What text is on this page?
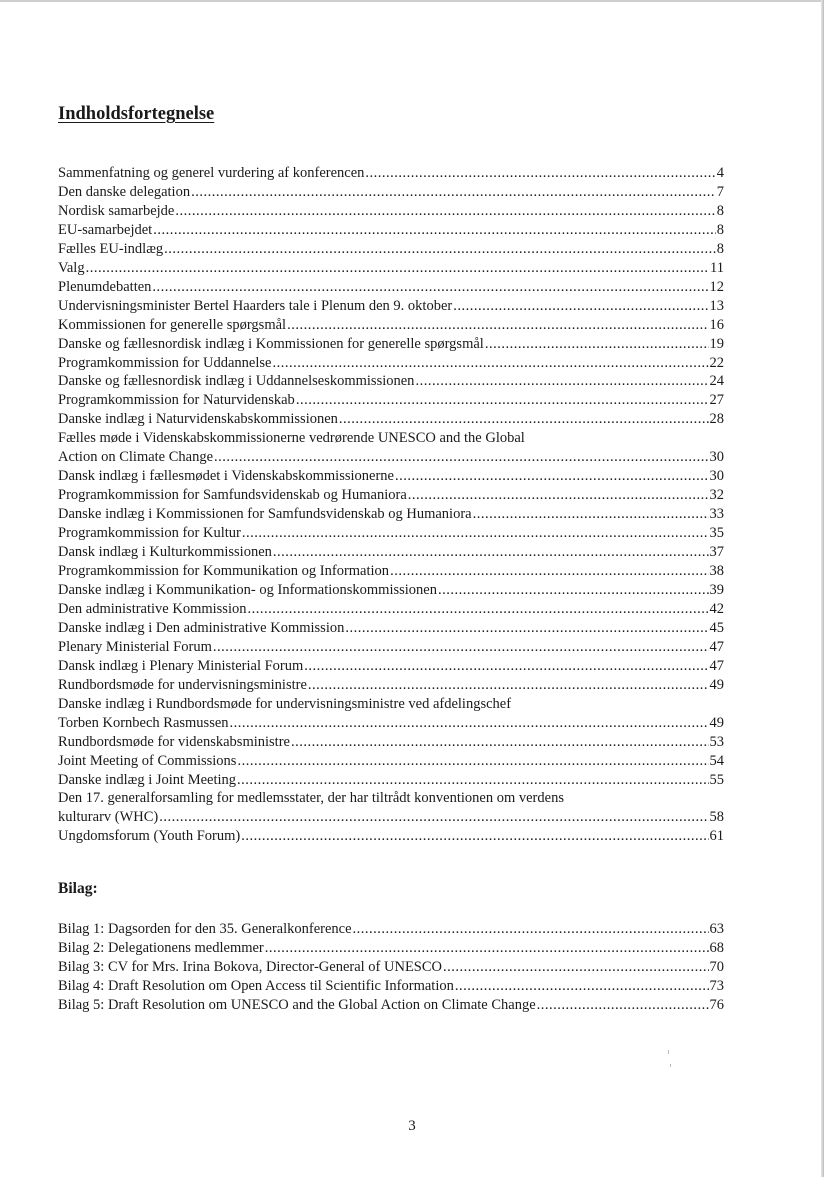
Indholdsfortegnelse
Sammenfatning og generel vurdering af konferencen .....	4
Den danske delegation .....	7
Nordisk samarbejde .....	8
EU-samarbejdet .....	8
Fælles EU-indlæg .....	8
Valg .....	11
Plenumdebatten .....	12
Undervisningsminister Bertel Haarders tale i Plenum den 9. oktober .....	13
Kommissionen for generelle spørgsmål .....	16
Danske og fællesnordisk indlæg i Kommissionen for generelle spørgsmål .....	19
Programkommission for Uddannelse .....	22
Danske og fællesnordisk indlæg i Uddannelseskommissionen .....	24
Programkommission for Naturvidenskab .....	27
Danske indlæg i Naturvidenskabskommissionen .....	28
Fælles møde i Videnskabskommissionerne vedrørende UNESCO and the Global
Action on Climate Change .....	30
Dansk indlæg i fællesmødet i Videnskabskommissionerne .....	30
Programkommission for Samfundsvidenskab og Humaniora .....	32
Danske indlæg i Kommissionen for Samfundsvidenskab og Humaniora .....	33
Programkommission for Kultur .....	35
Dansk indlæg i Kulturkommissionen .....	37
Programkommission for Kommunikation og Information .....	38
Danske indlæg i Kommunikation- og Informationskommissionen .....	39
Den administrative Kommission .....	42
Danske indlæg i Den administrative Kommission .....	45
Plenary Ministerial Forum .....	47
Dansk indlæg i Plenary Ministerial Forum .....	47
Rundbordsmøde for undervisningsministre .....	49
Danske indlæg i Rundbordsmøde for undervisningsministre ved afdelingschef
Torben Kornbech Rasmussen .....	49
Rundbordsmøde for videnskabsministre .....	53
Joint Meeting of Commissions .....	54
Danske indlæg i Joint Meeting .....	55
Den 17. generalforsamling for medlemsstater, der har tiltrådt konventionen om verdens
kulturarv (WHC) .....	58
Ungdomsforum (Youth Forum) .....	61
Bilag:
Bilag 1: Dagsorden for den 35. Generalkonference .....	63
Bilag 2: Delegationens medlemmer .....	68
Bilag 3: CV for Mrs. Irina Bokova, Director-General of UNESCO .....	70
Bilag 4: Draft Resolution om Open Access til Scientific Information .....	73
Bilag 5: Draft Resolution om UNESCO and the Global Action on Climate Change .....	76
3
